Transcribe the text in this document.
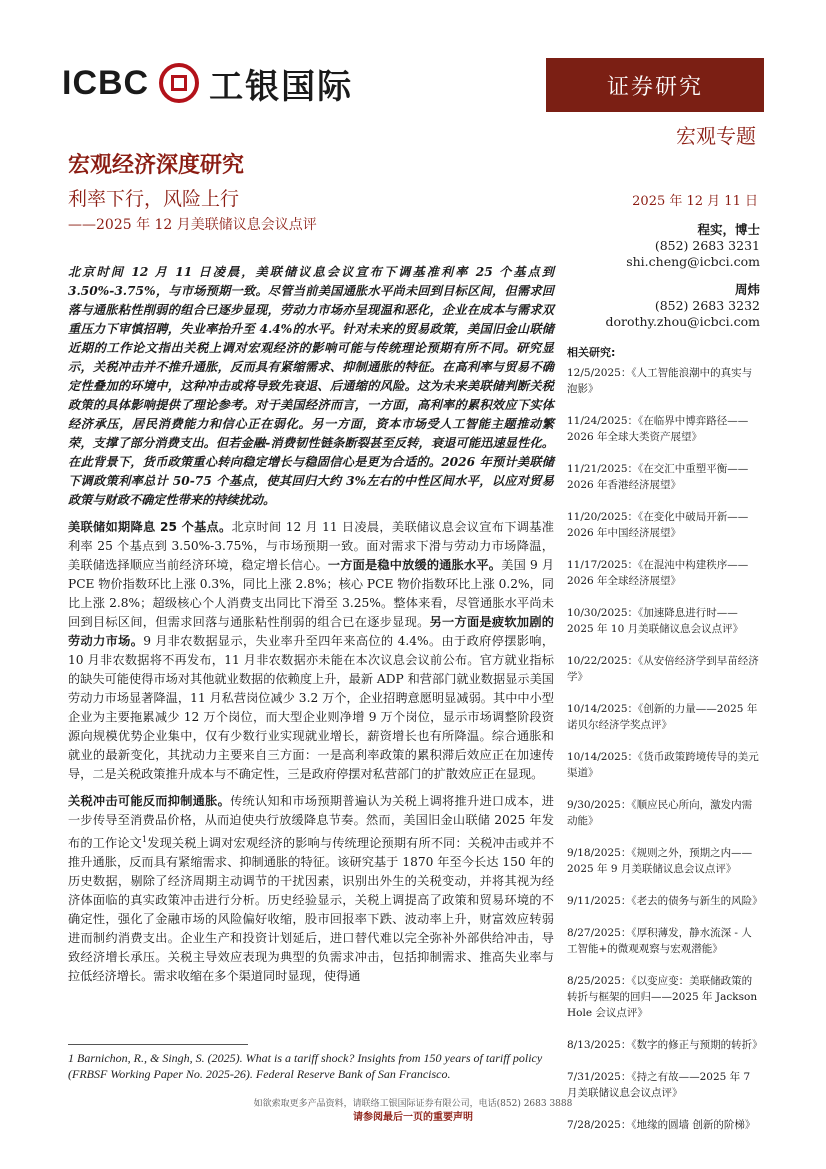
ICBC 工银国际	证券研究
宏观专题
宏观经济深度研究
利率下行，风险上行
——2025 年 12 月美联储议息会议点评
2025 年 12 月 11 日
程实，博士
(852) 2683 3231
shi.cheng@icbci.com
周炜
(852) 2683 3232
dorothy.zhou@icbci.com

北京时间 12 月 11 日凌晨，美联储议息会议宣布下调基准利率 25 个基点到 3.50%-3.75%，与市场预期一致。尽管当前美国通胀水平尚未回到目标区间，但需求回落与通胀粘性削弱的组合已逐步显现，劳动力市场亦呈现温和恶化，企业在成本与需求双重压力下审慎招聘，失业率抬升至 4.4%的水平。针对未来的贸易政策，美国旧金山联储近期的工作论文指出关税上调对宏观经济的影响可能与传统理论预期有所不同。研究显示，关税冲击并不推升通胀，反而具有紧缩需求、抑制通胀的特征。在高利率与贸易不确定性叠加的环境中，这种冲击或将导致先衰退、后通缩的风险。这为未来美联储判断关税政策的具体影响提供了理论参考。对于美国经济而言，一方面，高利率的累积效应下实体经济承压，居民消费能力和信心正在弱化。另一方面，资本市场受人工智能主题推动繁荣，支撑了部分消费支出。但若金融-消费韧性链条断裂甚至反转，衰退可能迅速显性化。在此背景下，货币政策重心转向稳定增长与稳固信心是更为合适的。2026 年预计美联储下调政策利率总计 50-75 个基点，使其回归大约 3%左右的中性区间水平，以应对贸易政策与财政不确定性带来的持续扰动。

美联储如期降息 25 个基点。北京时间 12 月 11 日凌晨，美联储议息会议宣布下调基准利率 25 个基点到 3.50%-3.75%，与市场预期一致。面对需求下滑与劳动力市场降温，美联储选择顺应当前经济环境，稳定增长信心。一方面是稳中放缓的通胀水平。美国 9 月 PCE 物价指数环比上涨 0.3%，同比上涨 2.8%；核心 PCE 物价指数环比上涨 0.2%，同比上涨 2.8%；超级核心个人消费支出同比下滑至 3.25%。整体来看，尽管通胀水平尚未回到目标区间，但需求回落与通胀粘性削弱的组合已在逐步显现。另一方面是疲软加剧的劳动力市场。9 月非农数据显示，失业率升至四年来高位的 4.4%。由于政府停摆影响，10 月非农数据将不再发布，11 月非农数据亦未能在本次议息会议前公布。官方就业指标的缺失可能使得市场对其他就业数据的依赖度上升，最新 ADP 和营部门就业数据显示美国劳动力市场显著降温，11 月私营岗位减少 3.2 万个，企业招聘意愿明显减弱。其中中小型企业为主要拖累减少 12 万个岗位，而大型企业则净增 9 万个岗位，显示市场调整阶段资源向规模优势企业集中，仅有少数行业实现就业增长，薪资增长也有所降温。综合通胀和就业的最新变化，其扰动力主要来自三方面：一是高利率政策的累积滞后效应正在加速传导，二是关税政策推升成本与不确定性，三是政府停摆对私营部门的扩散效应正在显现。

关税冲击可能反而抑制通胀。传统认知和市场预期普遍认为关税上调将推升进口成本，进一步传导至消费品价格，从而迫使央行放缓降息节奏。然而，美国旧金山联储 2025 年发布的工作论文$^1$发现关税上调对宏观经济的影响与传统理论预期有所不同：关税冲击或并不推升通胀，反而具有紧缩需求、抑制通胀的特征。该研究基于 1870 年至今长达 150 年的历史数据，剔除了经济周期主动调节的干扰因素，识别出外生的关税变动，并将其视为经济体面临的真实政策冲击进行分析。历史经验显示，关税上调提高了政策和贸易环境的不确定性，强化了金融市场的风险偏好收缩，股市回报率下跌、波动率上升，财富效应转弱进而制约消费支出。企业生产和投资计划延后，进口替代难以完全弥补外部供给冲击，导致经济增长承压。关税主导效应表现为典型的负需求冲击，包括抑制需求、推高失业率与拉低经济增长。需求收缩在多个渠道同时显现，使得通

相关研究:
12/5/2025：《人工智能浪潮中的真实与泡影》
11/24/2025：《在临界中博弈路径——2026 年全球大类资产展望》
11/21/2025：《在交汇中重塑平衡——2026 年香港经济展望》
11/20/2025：《在变化中破局开新——2026 年中国经济展望》
11/17/2025：《在混沌中构建秩序——2026 年全球经济展望》
10/30/2025：《加速降息进行时——2025 年 10 月美联储议息会议点评》
10/22/2025：《从安倍经济学到早苗经济学》
10/14/2025：《创新的力量——2025 年诺贝尔经济学奖点评》
10/14/2025：《货币政策跨境传导的美元渠道》
9/30/2025：《顺应民心所向，激发内需动能》
9/18/2025：《规则之外，预期之内——2025 年 9 月美联储议息会议点评》
9/11/2025：《老去的债务与新生的风险》
8/27/2025：《厚积薄发，静水流深 - 人工智能+的微观观察与宏观潜能》
8/25/2025：《以变应变：美联储政策的转折与框架的回归——2025 年 Jackson Hole 会议点评》
8/13/2025：《数字的修正与预期的转折》
7/31/2025：《持之有故——2025 年 7 月美联储议息会议点评》
7/28/2025：《地缘的圆墙 创新的阶梯》
1 Barnichon, R., & Singh, S. (2025). What is a tariff shock? Insights from 150 years of tariff policy (FRBSF Working Paper No. 2025-26). Federal Reserve Bank of San Francisco.
如欲索取更多产品资料，请联络工银国际证券有限公司，电话(852) 2683 3888
请参阅最后一页的重要声明
